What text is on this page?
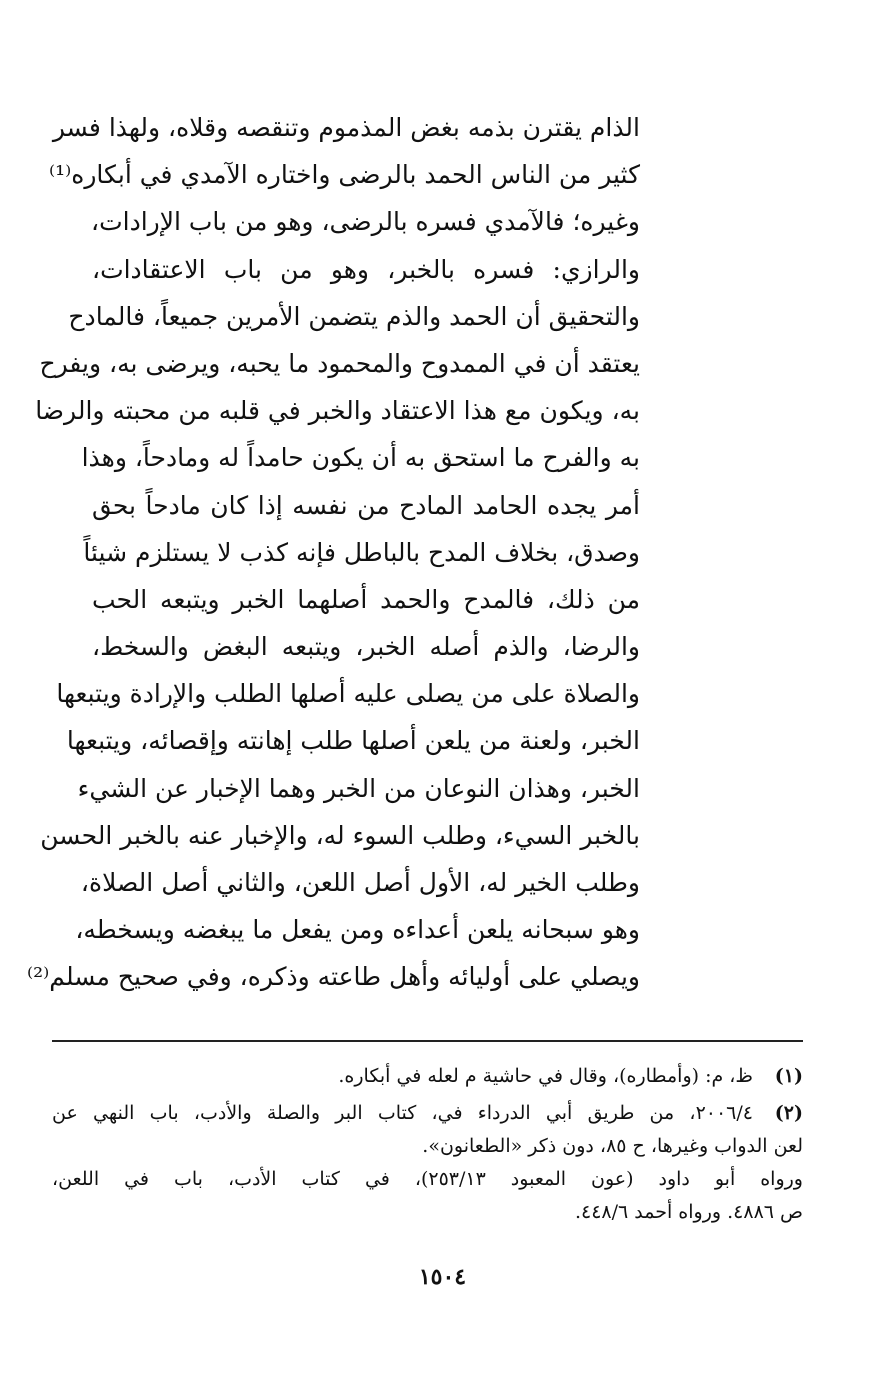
الذام يقترن بذمه بغض المذموم وتنقصه وقلاه، ولهذا فسر
كثير من الناس الحمد بالرضى واختاره الآمدي في أبكاره⁽¹⁾
وغيره؛ فالآمدي فسره بالرضى، وهو من باب الإرادات،
والرازي: فسره بالخبر، وهو من باب الاعتقادات،
والتحقيق أن الحمد والذم يتضمن الأمرين جميعاً، فالمادح
يعتقد أن في الممدوح والمحمود ما يحبه، ويرضى به، ويفرح
به، ويكون مع هذا الاعتقاد والخبر في قلبه من محبته والرضا
به والفرح ما استحق به أن يكون حامداً له ومادحاً، وهذا
أمر يجده الحامد المادح من نفسه إذا كان مادحاً بحق
وصدق، بخلاف المدح بالباطل فإنه كذب لا يستلزم شيئاً
من ذلك، فالمدح والحمد أصلهما الخبر ويتبعه الحب
والرضا، والذم أصله الخبر، ويتبعه البغض والسخط،
والصلاة على من يصلى عليه أصلها الطلب والإرادة ويتبعها
الخبر، ولعنة من يلعن أصلها طلب إهانته وإقصائه، ويتبعها
الخبر، وهذان النوعان من الخبر وهما الإخبار عن الشيء
بالخبر السيء، وطلب السوء له، والإخبار عنه بالخبر الحسن
وطلب الخير له، الأول أصل اللعن، والثاني أصل الصلاة،
وهو سبحانه يلعن أعداءه ومن يفعل ما يبغضه ويسخطه،
ويصلي على أوليائه وأهل طاعته وذكره، وفي صحيح مسلم⁽²⁾
(١)
ظ، م: (وأمطاره)، وقال في حاشية م لعله في أبكاره.
(٢)
٢٠٠٦/٤، من طريق أبي الدرداء في، كتاب البر والصلة والأدب، باب النهي عن
لعن الدواب وغيرها، ح ٨٥، دون ذكر «الطعانون».
ورواه أبو داود (عون المعبود ٢٥٣/١٣)، في كتاب الأدب، باب في اللعن،
ص ٤٨٨٦. ورواه أحمد ٤٤٨/٦.
١٥٠٤
